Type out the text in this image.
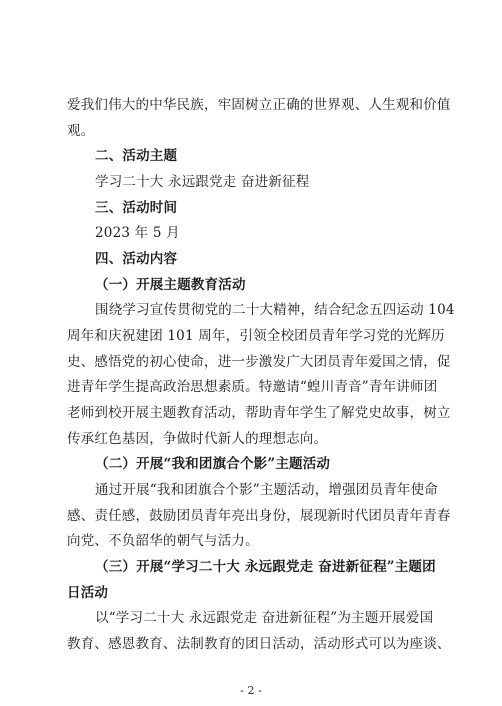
爱我们伟大的中华民族，牢固树立正确的世界观、人生观和价值
观。
二、活动主题
学习二十大 永远跟党走 奋进新征程
三、活动时间
2023 年 5 月
四、活动内容
（一）开展主题教育活动
围绕学习宣传贯彻党的二十大精神，结合纪念五四运动 104
周年和庆祝建团 101 周年，引领全校团员青年学习党的光辉历
史、感悟党的初心使命，进一步激发广大团员青年爱国之情，促
进青年学生提高政治思想素质。特邀请“蝗川青音”青年讲师团
老师到校开展主题教育活动，帮助青年学生了解党史故事，树立
传承红色基因，争做时代新人的理想志向。
（二）开展“我和团旗合个影”主题活动
通过开展“我和团旗合个影”主题活动，增强团员青年使命
感、责任感，鼓励团员青年亮出身份，展现新时代团员青年青春
向党、不负韶华的朝气与活力。
（三）开展“学习二十大 永远跟党走 奋进新征程”主题团
日活动
以“学习二十大 永远跟党走 奋进新征程”为主题开展爱国
教育、感恩教育、法制教育的团日活动，活动形式可以为座谈、
- 2 -
